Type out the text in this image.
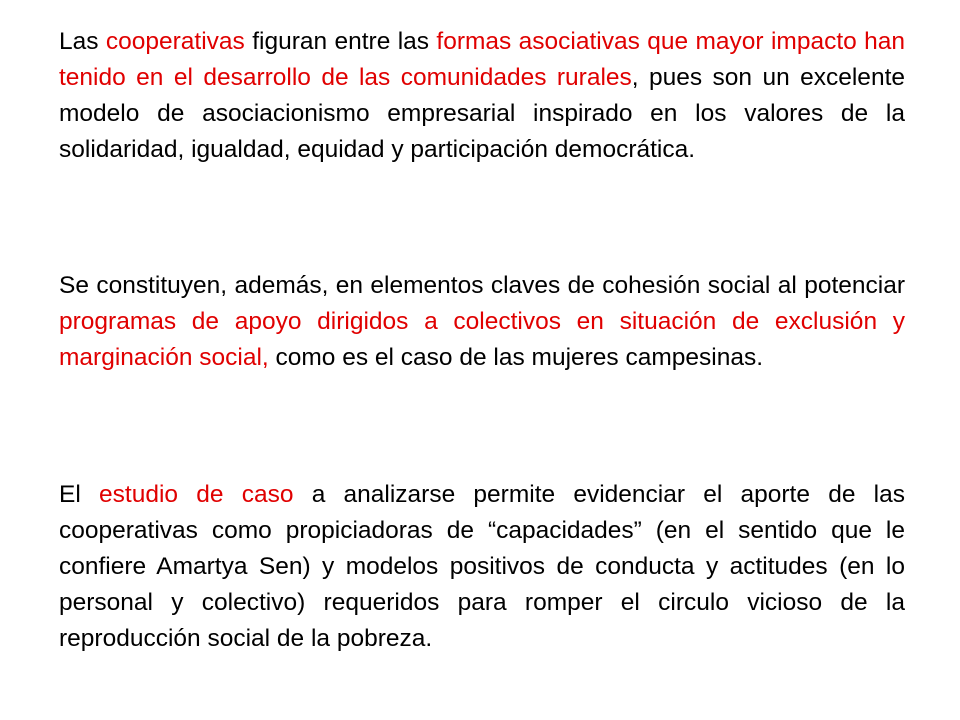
Las cooperativas figuran entre las formas asociativas que mayor impacto han tenido en el desarrollo de las comunidades rurales, pues son un excelente modelo de asociacionismo empresarial inspirado en los valores de la solidaridad, igualdad, equidad y participación democrática.

Se constituyen, además, en elementos claves de cohesión social al potenciar programas de apoyo dirigidos a colectivos en situación de exclusión y marginación social, como es el caso de las mujeres campesinas.

El estudio de caso a analizarse permite evidenciar el aporte de las cooperativas como propiciadoras de “capacidades” (en el sentido que le confiere Amartya Sen) y modelos positivos de conducta y actitudes (en lo personal y colectivo) requeridos para romper el circulo vicioso de la reproducción social de la pobreza.
